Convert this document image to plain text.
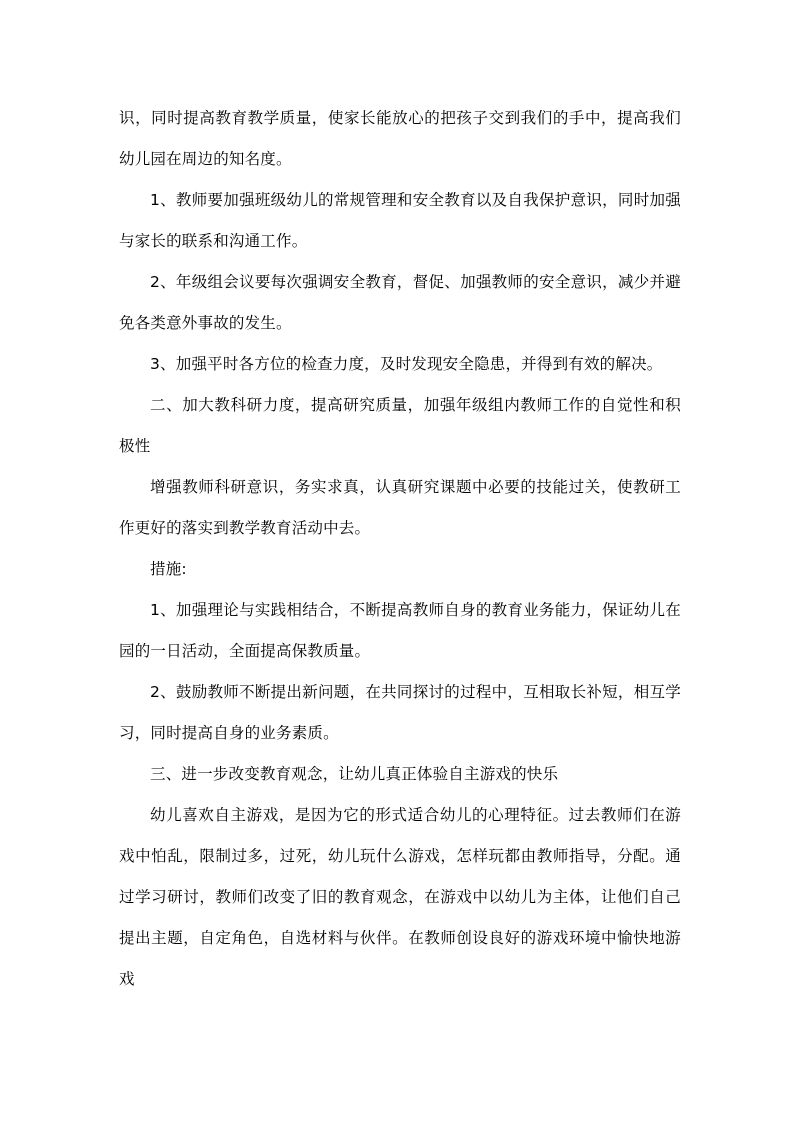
识，同时提高教育教学质量，使家长能放心的把孩子交到我们的手中，提高我们幼儿园在周边的知名度。

1、教师要加强班级幼儿的常规管理和安全教育以及自我保护意识，同时加强与家长的联系和沟通工作。

2、年级组会议要每次强调安全教育，督促、加强教师的安全意识，减少并避免各类意外事故的发生。

3、加强平时各方位的检查力度，及时发现安全隐患，并得到有效的解决。

二、加大教科研力度，提高研究质量，加强年级组内教师工作的自觉性和积极性

增强教师科研意识，务实求真，认真研究课题中必要的技能过关，使教研工作更好的落实到教学教育活动中去。

措施:

1、加强理论与实践相结合，不断提高教师自身的教育业务能力，保证幼儿在园的一日活动，全面提高保教质量。

2、鼓励教师不断提出新问题，在共同探讨的过程中，互相取长补短，相互学习，同时提高自身的业务素质。

三、进一步改变教育观念，让幼儿真正体验自主游戏的快乐

幼儿喜欢自主游戏，是因为它的形式适合幼儿的心理特征。过去教师们在游戏中怕乱，限制过多，过死，幼儿玩什么游戏，怎样玩都由教师指导，分配。通过学习研讨，教师们改变了旧的教育观念，在游戏中以幼儿为主体，让他们自己提出主题，自定角色，自选材料与伙伴。在教师创设良好的游戏环境中愉快地游戏
